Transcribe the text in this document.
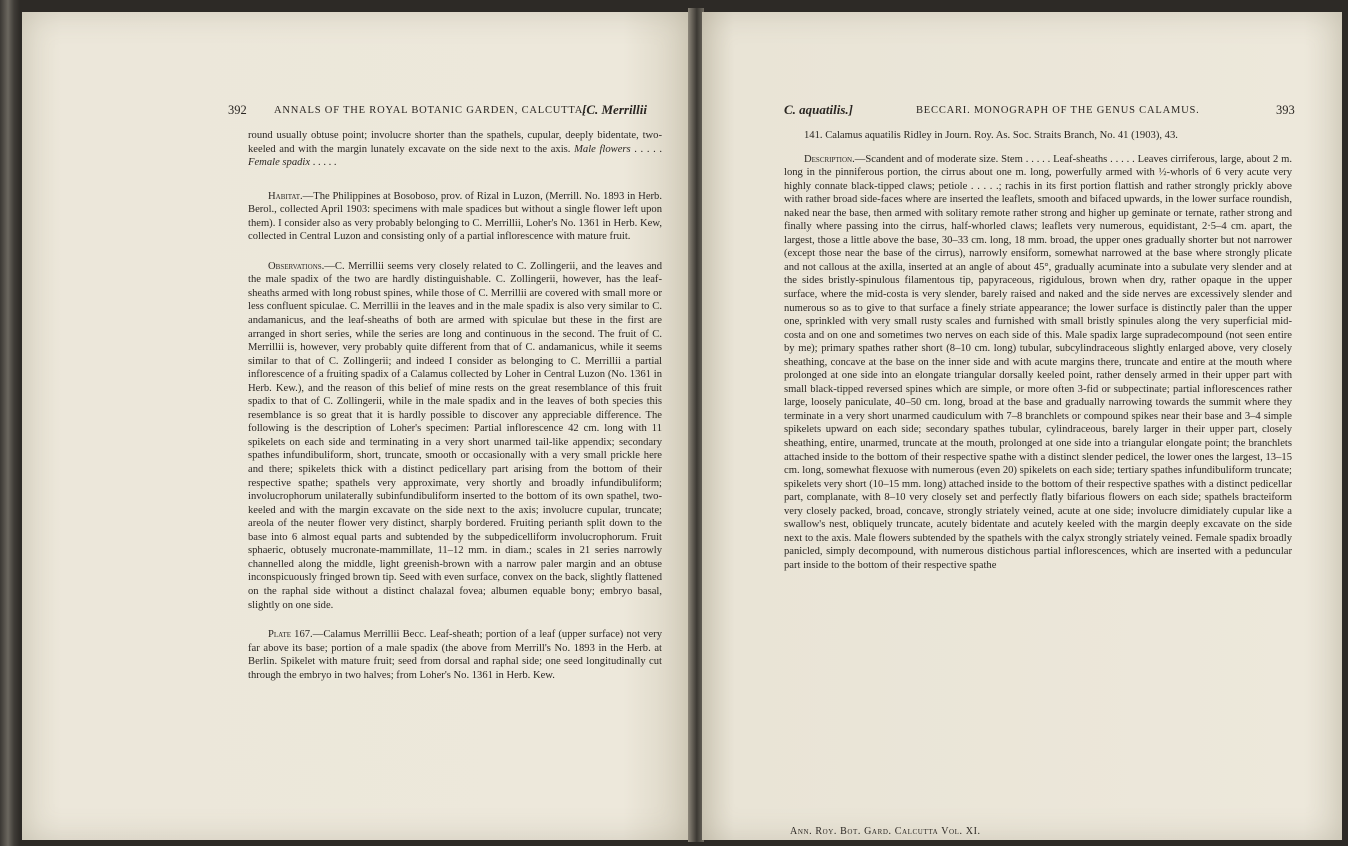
392	ANNALS OF THE ROYAL BOTANIC GARDEN, CALCUTTA.
[C. Merrillii

round usually obtuse point; involucre shorter than the spathels, cupular, deeply bidentate, two-keeled and with the margin lunately excavate on the side next to the axis. Male flowers . . . . . Female spadix . . . . .

Habitat.—The Philippines at Bosoboso, prov. of Rizal in Luzon, (Merrill. No. 1893 in Herb. Berol., collected April 1903: specimens with male spadices but without a single flower left upon them). I consider also as very probably belonging to C. Merrillii, Loher's No. 1361 in Herb. Kew, collected in Central Luzon and consisting only of a partial inflorescence with mature fruit.

Observations.—C. Merrillii seems very closely related to C. Zollingerii, and the leaves and the male spadix of the two are hardly distinguishable. C. Zollingerii, however, has the leaf-sheaths armed with long robust spines, while those of C. Merrillii are covered with small more or less confluent spiculae. C. Merrillii in the leaves and in the male spadix is also very similar to C. andamanicus, and the leaf-sheaths of both are armed with spiculae but these in the first are arranged in short series, while the series are long and continuous in the second. The fruit of C. Merrillii is, however, very probably quite different from that of C. andamanicus, while it seems similar to that of C. Zollingerii; and indeed I consider as belonging to C. Merrillii a partial inflorescence of a fruiting spadix of a Calamus collected by Loher in Central Luzon (No. 1361 in Herb. Kew.), and the reason of this belief of mine rests on the great resemblance of this fruit spadix to that of C. Zollingerii, while in the male spadix and in the leaves of both species this resemblance is so great that it is hardly possible to discover any appreciable difference. The following is the description of Loher's specimen: Partial inflorescence 42 cm. long with 11 spikelets on each side and terminating in a very short unarmed tail-like appendix; secondary spathes infundibuliform, short, truncate, smooth or occasionally with a very small prickle here and there; spikelets thick with a distinct pedicellary part arising from the bottom of their respective spathe; spathels very approximate, very shortly and broadly infundibuliform; involucrophorum unilaterally subinfundibuliform inserted to the bottom of its own spathel, two-keeled and with the margin excavate on the side next to the axis; involucre cupular, truncate; areola of the neuter flower very distinct, sharply bordered. Fruiting perianth split down to the base into 6 almost equal parts and subtended by the subpedicelliform involucrophorum. Fruit sphaeric, obtusely mucronate-mammillate, 11–12 mm. in diam.; scales in 21 series narrowly channelled along the middle, light greenish-brown with a narrow paler margin and an obtuse inconspicuously fringed brown tip. Seed with even surface, convex on the back, slightly flattened on the raphal side without a distinct chalazal fovea; albumen equable bony; embryo basal, slightly on one side.

Plate 167.—Calamus Merrillii Becc. Leaf-sheath; portion of a leaf (upper surface) not very far above its base; portion of a male spadix (the above from Merrill's No. 1893 in the Herb. at Berlin. Spikelet with mature fruit; seed from dorsal and raphal side; one seed longitudinally cut through the embryo in two halves; from Loher's No. 1361 in Herb. Kew.

C. aquatilis.]	BECCARI. MONOGRAPH OF THE GENUS CALAMUS.	393

141. Calamus aquatilis Ridley in Journ. Roy. As. Soc. Straits Branch, No. 41 (1903), 43.

Description.—Scandent and of moderate size. Stem . . . . . Leaf-sheaths . . . . . Leaves cirriferous, large, about 2 m. long in the pinniferous portion, the cirrus about one m. long, powerfully armed with ½-whorls of 6 very acute very highly connate black-tipped claws; petiole . . . . .; rachis in its first portion flattish and rather strongly prickly above with rather broad side-faces where are inserted the leaflets, smooth and bifaced upwards, in the lower surface roundish, naked near the base, then armed with solitary remote rather strong and higher up geminate or ternate, rather strong and finally where passing into the cirrus, half-whorled claws; leaflets very numerous, equidistant, 2·5–4 cm. apart, the largest, those a little above the base, 30–33 cm. long, 18 mm. broad, the upper ones gradually shorter but not narrower (except those near the base of the cirrus), narrowly ensiform, somewhat narrowed at the base where strongly plicate and not callous at the axilla, inserted at an angle of about 45°, gradually acuminate into a subulate very slender and at the sides bristly-spinulous filamentous tip, papyraceous, rigidulous, brown when dry, rather opaque in the upper surface, where the mid-costa is very slender, barely raised and naked and the side nerves are excessively slender and numerous so as to give to that surface a finely striate appearance; the lower surface is distinctly paler than the upper one, sprinkled with very small rusty scales and furnished with small bristly spinules along the very superficial mid-costa and on one and sometimes two nerves on each side of this. Male spadix large supradecompound (not seen entire by me); primary spathes rather short (8–10 cm. long) tubular, subcylindraceous slightly enlarged above, very closely sheathing, concave at the base on the inner side and with acute margins there, truncate and entire at the mouth where prolonged at one side into an elongate triangular dorsally keeled point, rather densely armed in their upper part with small black-tipped reversed spines which are simple, or more often 3-fid or subpectinate; partial inflorescences rather large, loosely paniculate, 40–50 cm. long, broad at the base and gradually narrowing towards the summit where they terminate in a very short unarmed caudiculum with 7–8 branchlets or compound spikes near their base and 3–4 simple spikelets upward on each side; secondary spathes tubular, cylindraceous, barely larger in their upper part, closely sheathing, entire, unarmed, truncate at the mouth, prolonged at one side into a triangular elongate point; the branchlets attached inside to the bottom of their respective spathe with a distinct slender pedicel, the lower ones the largest, 13–15 cm. long, somewhat flexuose with numerous (even 20) spikelets on each side; tertiary spathes infundibuliform truncate; spikelets very short (10–15 mm. long) attached inside to the bottom of their respective spathes with a distinct pedicellar part, complanate, with 8–10 very closely set and perfectly flatly bifarious flowers on each side; spathels bracteiform very closely packed, broad, concave, strongly striately veined, acute at one side; involucre dimidiately cupular like a swallow's nest, obliquely truncate, acutely bidentate and acutely keeled with the margin deeply excavate on the side next to the axis. Male flowers subtended by the spathels with the calyx strongly striately veined. Female spadix broadly panicled, simply decompound, with numerous distichous partial inflorescences, which are inserted with a peduncular part inside to the bottom of their respective spathe

Ann. Roy. Bot. Gard. Calcutta Vol. XI.
